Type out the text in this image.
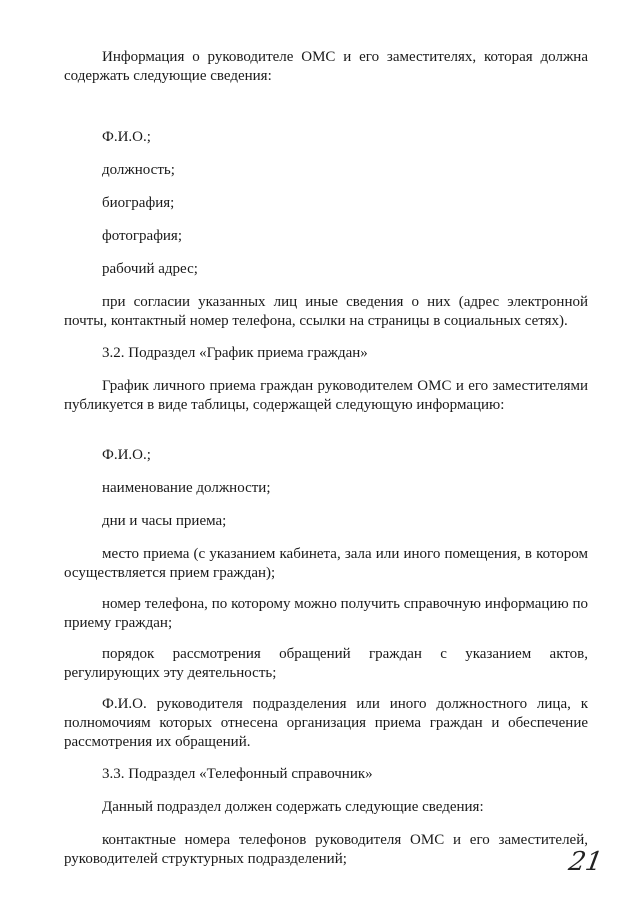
Информация о руководителе ОМС и его заместителях, которая должна содержать следующие сведения:

Ф.И.О.;

должность;

биография;

фотография;

рабочий адрес;

при согласии указанных лиц иные сведения о них (адрес электронной почты, контактный номер телефона, ссылки на страницы в социальных сетях).

3.2. Подраздел «График приема граждан»

График личного приема граждан руководителем ОМС и его заместителями публикуется в виде таблицы, содержащей следующую информацию:

Ф.И.О.;

наименование должности;

дни и часы приема;

место приема (с указанием кабинета, зала или иного помещения, в котором осуществляется прием граждан);

номер телефона, по которому можно получить справочную информацию по приему граждан;

порядок рассмотрения обращений граждан с указанием актов, регулирующих эту деятельность;

Ф.И.О. руководителя подразделения или иного должностного лица, к полномочиям которых отнесена организация приема граждан и обеспечение рассмотрения их обращений.

3.3. Подраздел «Телефонный справочник»

Данный подраздел должен содержать следующие сведения:

контактные номера телефонов руководителя ОМС и его заместителей, руководителей структурных подразделений;	21
